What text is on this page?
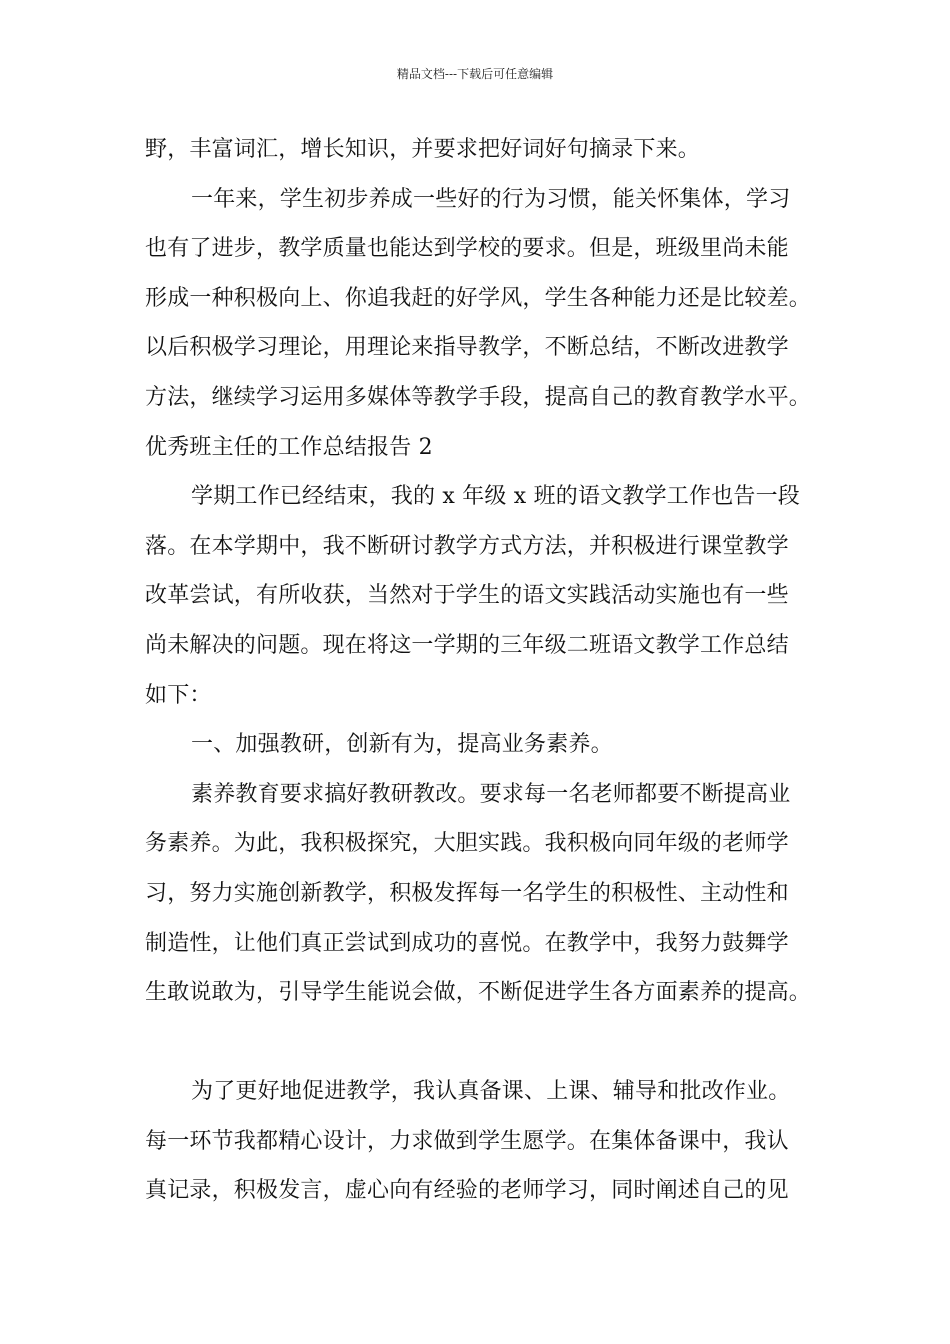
精品文档---下载后可任意编辑
野，丰富词汇，增长知识，并要求把好词好句摘录下来。
一年来，学生初步养成一些好的行为习惯，能关怀集体，学习
也有了进步，教学质量也能达到学校的要求。但是，班级里尚未能
形成一种积极向上、你追我赶的好学风，学生各种能力还是比较差。
以后积极学习理论，用理论来指导教学，不断总结，不断改进教学
方法，继续学习运用多媒体等教学手段，提高自己的教育教学水平。
优秀班主任的工作总结报告 2
学期工作已经结束，我的 x 年级 x 班的语文教学工作也告一段
落。在本学期中，我不断研讨教学方式方法，并积极进行课堂教学
改革尝试，有所收获，当然对于学生的语文实践活动实施也有一些
尚未解决的问题。现在将这一学期的三年级二班语文教学工作总结
如下：
一、加强教研，创新有为，提高业务素养。
素养教育要求搞好教研教改。要求每一名老师都要不断提高业
务素养。为此，我积极探究，大胆实践。我积极向同年级的老师学
习，努力实施创新教学，积极发挥每一名学生的积极性、主动性和
制造性，让他们真正尝试到成功的喜悦。在教学中，我努力鼓舞学
生敢说敢为，引导学生能说会做，不断促进学生各方面素养的提高。
为了更好地促进教学，我认真备课、上课、辅导和批改作业。
每一环节我都精心设计，力求做到学生愿学。在集体备课中，我认
真记录，积极发言，虚心向有经验的老师学习，同时阐述自己的见
